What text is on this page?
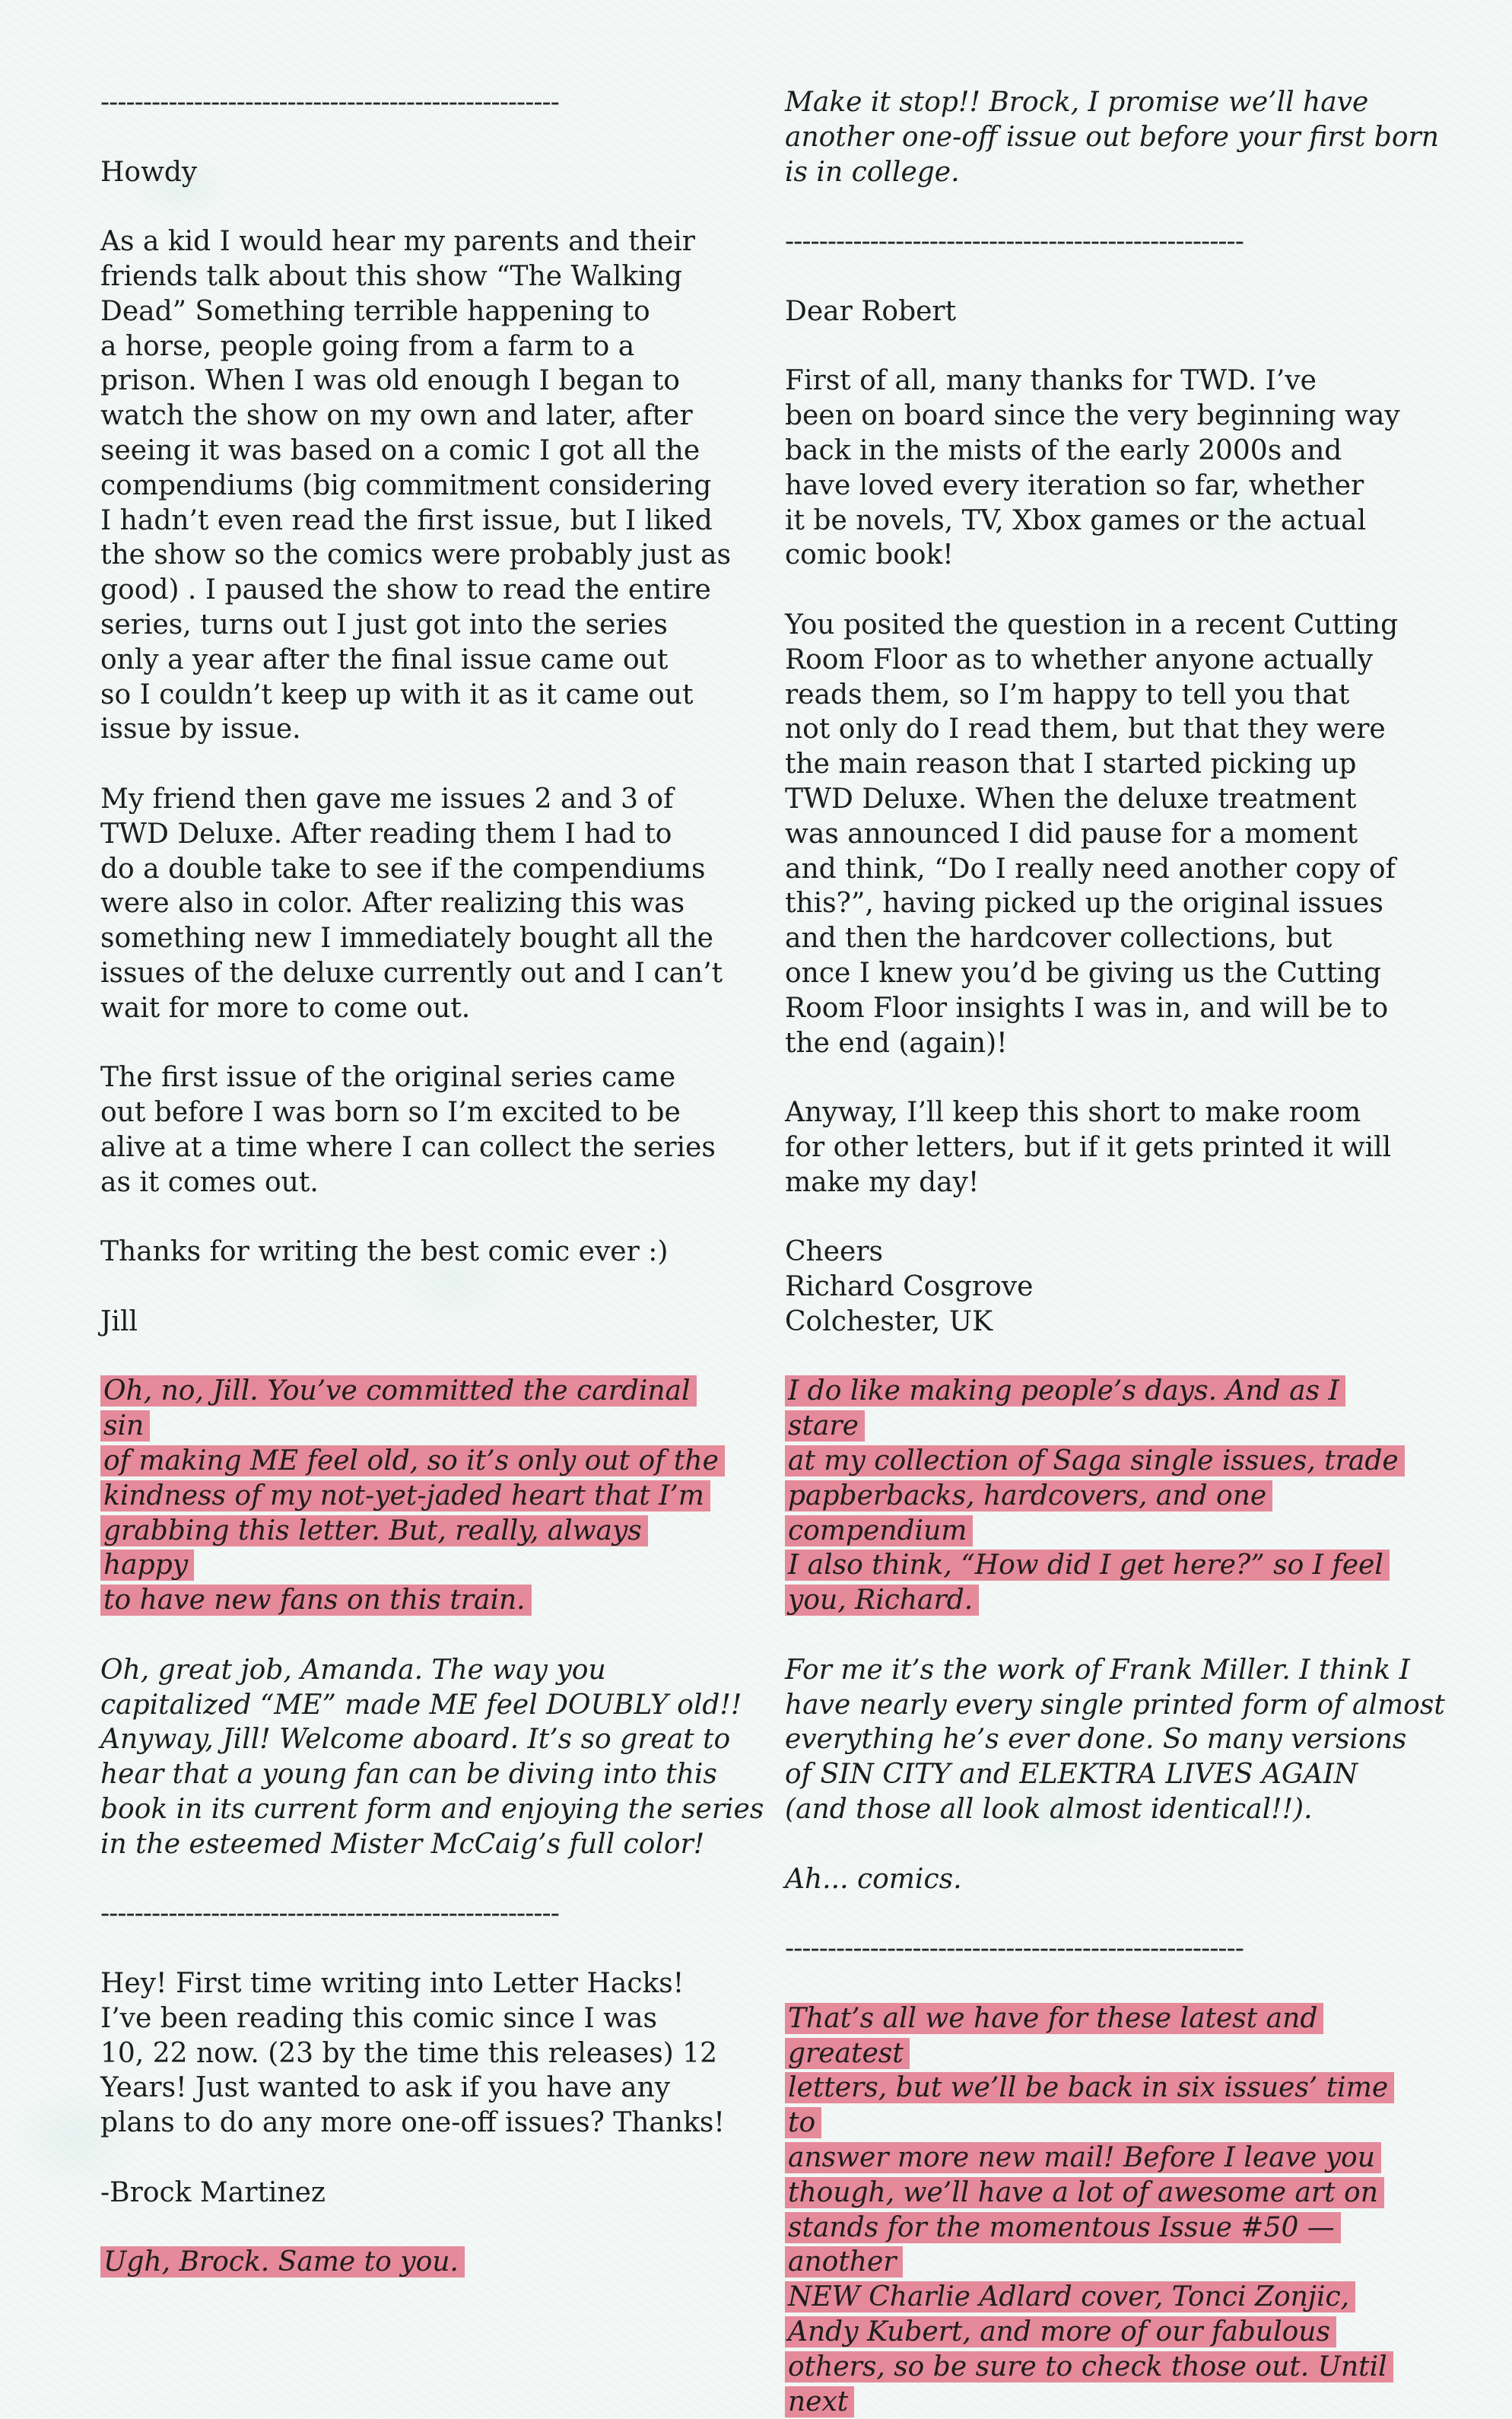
------------------------------------------------------
Howdy
As a kid I would hear my parents and their
friends talk about this show “The Walking
Dead” Something terrible happening to
a horse, people going from a farm to a
prison. When I was old enough I began to
watch the show on my own and later, after
seeing it was based on a comic I got all the
compendiums (big commitment considering
I hadn’t even read the first issue, but I liked
the show so the comics were probably just as
good) . I paused the show to read the entire
series, turns out I just got into the series
only a year after the final issue came out
so I couldn’t keep up with it as it came out
issue by issue.
My friend then gave me issues 2 and 3 of
TWD Deluxe. After reading them I had to
do a double take to see if the compendiums
were also in color. After realizing this was
something new I immediately bought all the
issues of the deluxe currently out and I can’t
wait for more to come out.
The first issue of the original series came
out before I was born so I’m excited to be
alive at a time where I can collect the series
as it comes out.
Thanks for writing the best comic ever :)
Jill
Oh, no, Jill. You’ve committed the cardinal sin
of making ME feel old, so it’s only out of the
kindness of my not-yet-jaded heart that I’m
grabbing this letter. But, really, always happy
to have new fans on this train.
Oh, great job, Amanda. The way you
capitalized “ME” made ME feel DOUBLY old!!
Anyway, Jill! Welcome aboard. It’s so great to
hear that a young fan can be diving into this
book in its current form and enjoying the series
in the esteemed Mister McCaig’s full color!
------------------------------------------------------
Hey! First time writing into Letter Hacks!
I’ve been reading this comic since I was
10, 22 now. (23 by the time this releases) 12
Years! Just wanted to ask if you have any
plans to do any more one-off issues? Thanks!
-Brock Martinez
Ugh, Brock. Same to you.
Make it stop!! Brock, I promise we’ll have
another one-off issue out before your first born
is in college.
------------------------------------------------------
Dear Robert
First of all, many thanks for TWD. I’ve
been on board since the very beginning way
back in the mists of the early 2000s and
have loved every iteration so far, whether
it be novels, TV, Xbox games or the actual
comic book!
You posited the question in a recent Cutting
Room Floor as to whether anyone actually
reads them, so I’m happy to tell you that
not only do I read them, but that they were
the main reason that I started picking up
TWD Deluxe. When the deluxe treatment
was announced I did pause for a moment
and think, “Do I really need another copy of
this?”, having picked up the original issues
and then the hardcover collections, but
once I knew you’d be giving us the Cutting
Room Floor insights I was in, and will be to
the end (again)!
Anyway, I’ll keep this short to make room
for other letters, but if it gets printed it will
make my day!
Cheers
Richard Cosgrove
Colchester, UK
I do like making people’s days. And as I stare
at my collection of Saga single issues, trade
papberbacks, hardcovers, and one compendium
I also think, “How did I get here?” so I feel
you, Richard.
For me it’s the work of Frank Miller. I think I
have nearly every single printed form of almost
everything he’s ever done. So many versions
of SIN CITY and ELEKTRA LIVES AGAIN
(and those all look almost identical!!).
Ah... comics.
------------------------------------------------------
That’s all we have for these latest and greatest
letters, but we’ll be back in six issues’ time to
answer more new mail! Before I leave you
though, we’ll have a lot of awesome art on
stands for the momentous Issue #50 — another
NEW Charlie Adlard cover, Tonci Zonjic,
Andy Kubert, and more of our fabulous
others, so be sure to check those out. Until next
